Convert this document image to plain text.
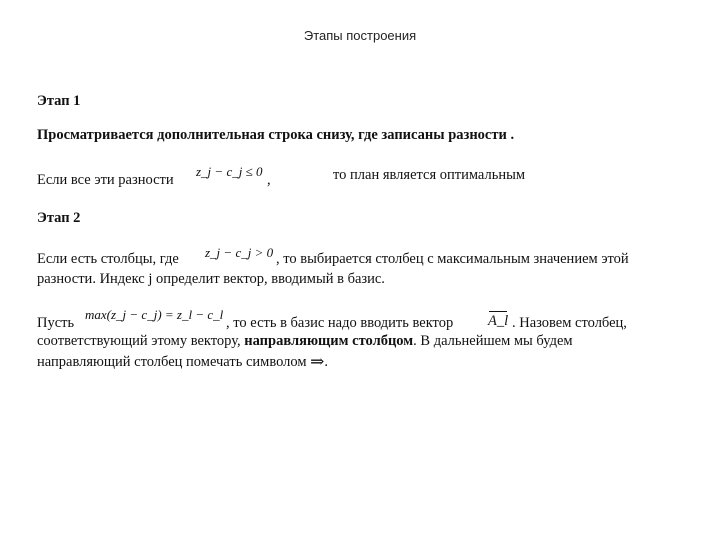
Этапы построения
Этап 1
Просматривается дополнительная строка снизу, где записаны разности .
Если все эти разности
z_j − c_j ≤ 0
,	то план является оптимальным
Этап 2
Если есть столбцы, где z_j − c_j > 0 , то выбирается столбец с максимальным значением этой
разности. Индекс j определит вектор, вводимый в базис.
Пусть
max(z_j − c_j) = z_l − c_l
, то есть в базис надо вводить вектор A_l . Назовем столбец,
соответствующий этому вектору, направляющим столбцом. В дальнейшем мы будем
направляющий столбец помечать символом ⇒.
